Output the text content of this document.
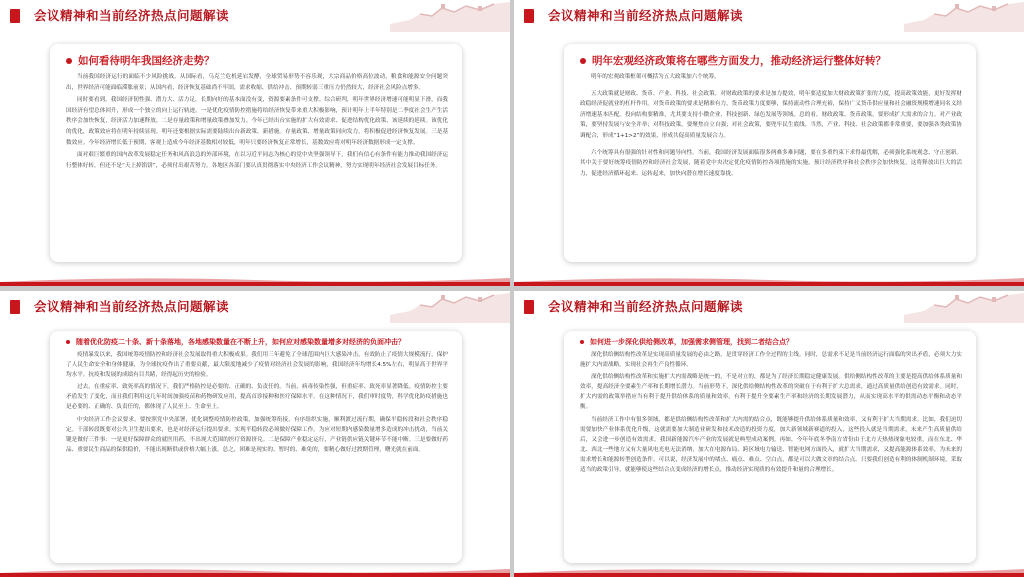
会议精神和当前经济热点问题解读
如何看待明年我国经济走势？

当前我国经济运行的面临不少风险挑战。从国际看，乌克兰危机延宕发酵，全球贸易形势不容乐观，大宗商品价格高位波动，粮食和能源安全问题突出，世界经济可能面临滞胀前景；从国内看，经济恢复基础尚不牢固，需求收缩、供给冲击、预期转弱三重压力仍然较大，经济社会风险点增多。

同时要看到，我国经济韧性强、潜力大、活力足，长期向好的基本面没有变，资源要素条件可支撑。综合研判，明年世界经济增速可能明显下滑，而我国经济有望总体回升，形成一个独立的向上运行轨迹。一是优化疫情防控措施将给经济恢复带来重大积极影响，预计明年上半年特别是二季度社会生产生活秩序会加快恢复，经济活力加速释放。二是存量政策和增量政策叠加发力。今年已经出台实施的扩大有效需求、促进结构优化政策，该延续的延续。该优化的优化，政策效应将在明年持续显现。明年还要根据实际需要陆续出台新政策、新措施。存量政策、增量政策同向发力，将积极促进经济恢复发展。三是基数效应。今年经济增长低于预期，客观上造成今年经济基数相对较低，明年只要经济恢复正常增长，基数效应将对明年经济数据形成一定支撑。

面对艰巨繁重的国内改革发展稳定任务和风高浪急的外部环境，在以习近平同志为核心的党中央坚强领导下，我们有信心有条件有能力推动我国经济运行整体好转，但还不是“天上掉馅饼”，必须付出艰苦努力。各地区各部门要认真贯彻落实中央经济工作会议精神，努力实现明年经济社会发展目标任务。

会议精神和当前经济热点问题解读
明年宏观经济政策将在哪些方面发力，推动经济运行整体好转？

明年的宏观政策框架可概括为五大政策加六个统筹。

五大政策就是财政、货币、产业、科技、社会政策。对财政政策的要求是加力提效，明年要适度加大财政政策扩张的力度，提高政策效能，更好发挥财政稳经济促就业的杠杆作用。对货币政策的要求是精准有力，货币政策力度要够，保持流动性合理充裕，保持广义货币供应量和社会融资规模增速同名义经济增速基本匹配。投向结构要精准，尤其要支持小微企业、科技创新、绿色发展等领域。总的看，财政政策、货币政策，要形成扩大需求的合力。对产业政策，要坚持发展与安全并举；对科技政策，要聚焦自立自强；对社会政策，要兜牢民生底线。当然，产业、科技、社会政策都非常重要，要加强各类政策协调配合，形成“1+1>2”的效果，形成共促高质量发展合力。

六个统筹具有很强的针对性和问题导向性。当前，我国经济发展面临很多两难多难问题，要在多重约束下求得最优解，必须强化系统观念、守正创新。其中关于要好统筹疫情防控和经济社会发展，随着党中央决定优化疫情防控各项措施的实施，预计经济秩序和社会秩序会加快恢复，这将释放出巨大的活力，促进经济循环起来、运转起来，加快向潜在增长速度靠拢。

会议精神和当前经济热点问题解读
随着优化防疫二十条、新十条落地，各地感染数量在不断上升，如何应对感染数量增多对经济的负面冲击？

疫情暴发以来，我国统筹疫情防控和经济社会发展取得重大积极成果。我们用三年避免了全球范围内巨大感染冲击，有效防止了疫情大规模流行，保护了人民生命安全和身体健康，为全球抗疫作出了重要贡献，最大限度地减少了疫情对经济社会发展的影响，我国经济年均增长4.5%左右，明显高于世界平均水平。抗疫和发展的成绩有目共睹，经得起历史的检验。

过去，在重症率、致死率高的情况下，我们严格防控是必要的、正确的、负责任的。当前，病毒传染性强，但重症率、致死率显著降低。疫情防控主要矛盾发生了变化，而且我们利用这几年时间加强疫苗和药物研发应用，提高首诊接种和医疗保障水平。在这种情况下，我们审时度势，科学优化防疫措施也是必要的、正确的、负责任的，都体现了人民至上、生命至上。

中央经济工作会议要求，要按照党中央部署，优化调整疫情防控政策，加强统筹衔接，有序组织实施，顺利渡过流行期，确保平稳转段和社会秩序稳定。干部转段既要对公共卫生提出要求，也是对经济运行提出要求。实现平稳转段必须做好保障工作。为应对短期内感染数量增多造成的冲击扰动，当前关键是做好三件事：一是更好保障群众的就医用药，不出现大范围的医疗资源挤兑。二是保障产业稳定运行，产业链供应链关键环节不能中断。三是要做好药品、重要民生商品的保供稳价，不能出现断供或价格大幅上涨。总之，困难是现实的、暂时的、难免的，要精心做好过渡期管理，曙光就在前面。

会议精神和当前经济热点问题解读
如何进一步深化供给侧改革，加强需求侧管理，找到二者结合点？

深化供给侧结构性改革是实现高质量发展的必由之路，是贯穿经济工作全过程的主线。同时，总需求不足是当前经济运行面临的突出矛盾，必须大力实施扩大内需战略，实现社会再生产良性循环。

深化供给侧结构性改革和实施扩大内需战略是统一的，不是对立的，都是为了经济长期稳定健康发展。供给侧结构性改革的主要是提高供给体系质量和效率，提高经济全要素生产率和长期增长潜力。当前形势下，深化供给侧结构性改革的突破在于有利于扩大总需求，通过高质量供给创造有效需求。同时，扩大内需的政策举措应当有利于提升供给体系的质量和效率，有利于提升全要素生产率和经济的长期发展潜力，从而实现高水平的供需动态平衡和动态平衡。

当前经济工作中有很多领域，都是供给侧结构性改革和扩大内需的结合点，既能够提升供给体系质量和效率，又有利于扩大当期需求。比如，我们迫切需要加快产业体系优化升级，这就需要加大制造业研发和技术改造的投资力度，加大新领域新赛道的投入，这些投入就是当期需求，未来产生高质量供给后，又会进一步创造有效需求。我国新能源汽车产业的发展就是典型成功案例。再如，今年年底冬季南方省份由于北方天热热现象电较重，而在东北、华北、西北一些地方又有大量风电光电无法消纳，加大在电源布局、跨区域电力输送、智能电网方面投入，就扩大当期需求，又提高能源体系效率，为未来的需求增长和能源转型创造条件。可以说，经济发展中的堵点、痛点、难点、空白点，都是可以大做文章的结合点。只要我们创造有利的体制机制环境，采取适当的政策引导，就能够使这些结合点变成经济的增长点，推动经济实现质的有效提升和量的合理增长。
